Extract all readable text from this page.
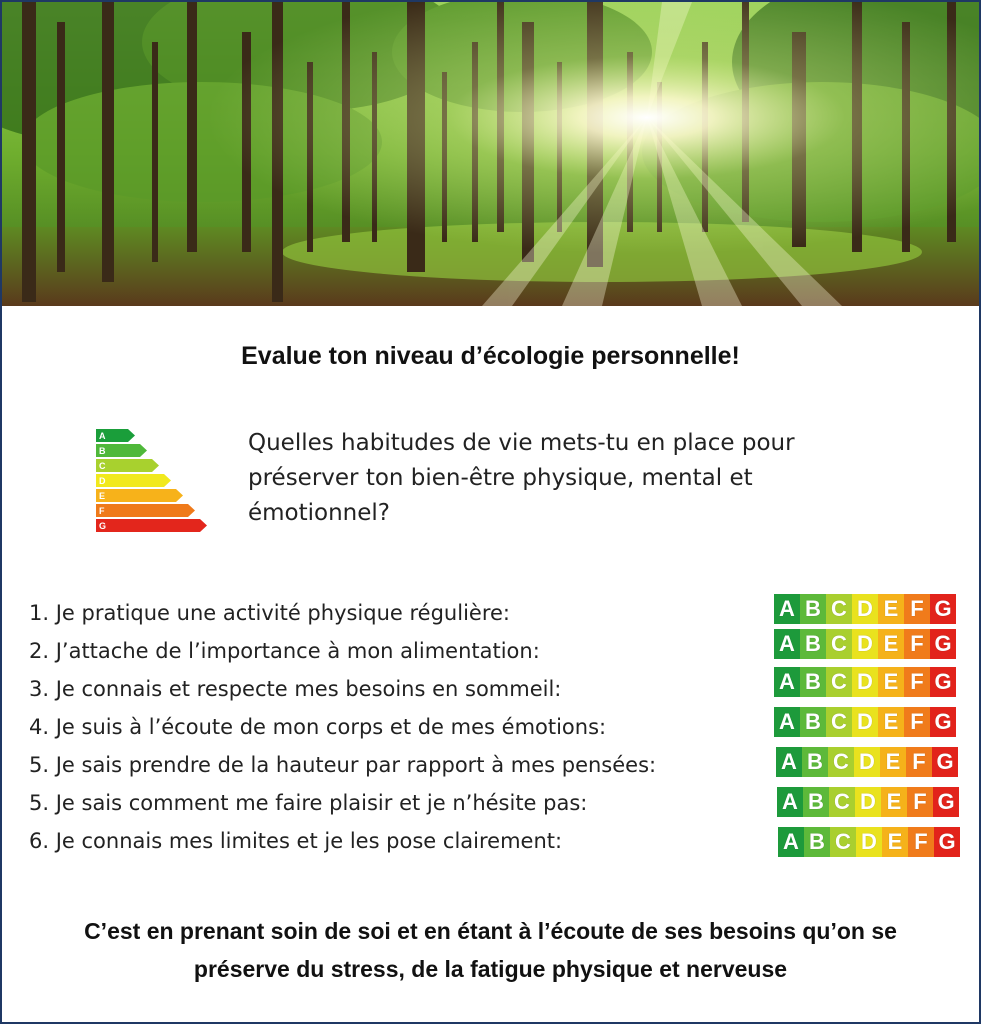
Evalue ton niveau d’écologie personnelle!
A
B
C
D
E
F
G
Quelles habitudes de vie mets-tu en place pour préserver ton bien-être physique, mental et émotionnel?
1. Je pratique une activité physique régulière:
2. J’attache de l’importance à mon alimentation:
3. Je connais et respecte mes besoins en sommeil:
4. Je suis à l’écoute de mon corps et de mes émotions:
5. Je sais prendre de la hauteur par rapport à mes pensées:
5. Je sais comment me faire plaisir et je n’hésite pas:
6. Je connais mes limites et je les pose clairement:
A B C D E F G
A B C D E F G
A B C D E F G
A B C D E F G
A B C D E F G
A B C D E F G
A B C D E F G
C’est en prenant soin de soi et en étant à l’écoute de ses besoins qu’on se
préserve du stress, de la fatigue physique et nerveuse
